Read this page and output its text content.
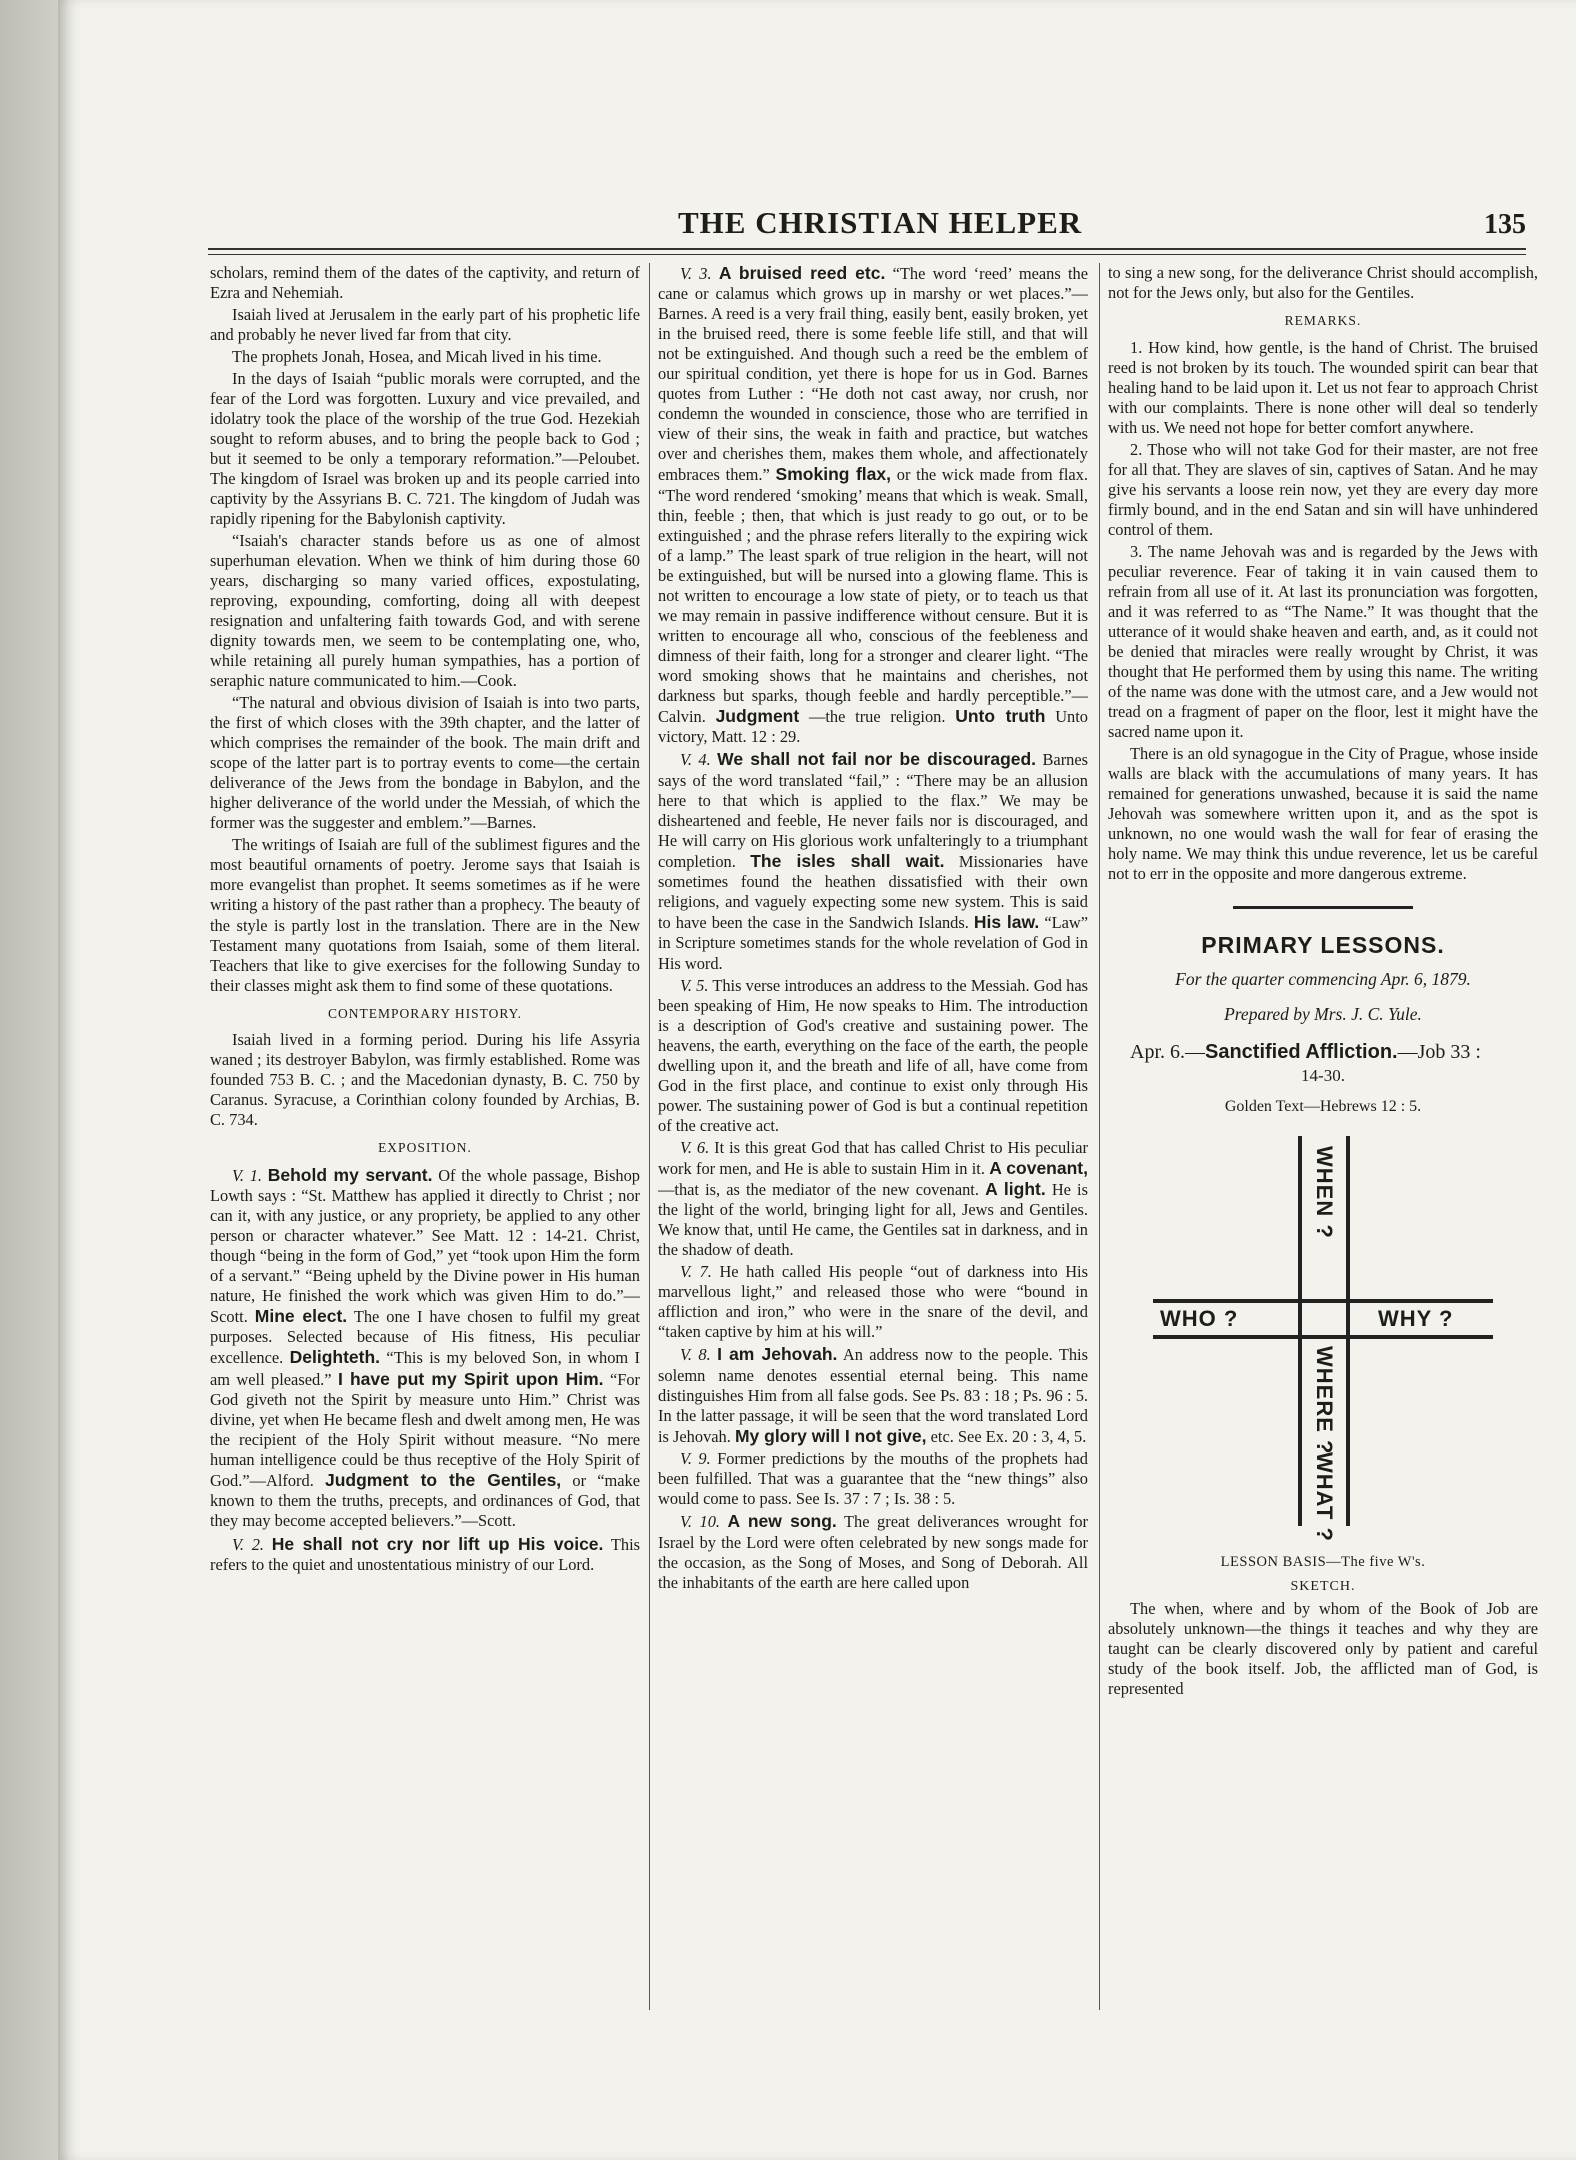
THE CHRISTIAN HELPER	135

scholars, remind them of the dates of the captivity, and return of Ezra and Nehemiah.

Isaiah lived at Jerusalem in the early part of his prophetic life and probably he never lived far from that city.

The prophets Jonah, Hosea, and Micah lived in his time.

In the days of Isaiah “public morals were corrupted, and the fear of the Lord was forgotten. Luxury and vice prevailed, and idolatry took the place of the worship of the true God. Hezekiah sought to reform abuses, and to bring the people back to God ; but it seemed to be only a temporary reformation.”—Peloubet. The kingdom of Israel was broken up and its people carried into captivity by the Assyrians B. C. 721. The kingdom of Judah was rapidly ripening for the Babylonish captivity.

“Isaiah's character stands before us as one of almost superhuman elevation. When we think of him during those 60 years, discharging so many varied offices, expostulating, reproving, expounding, comforting, doing all with deepest resignation and unfaltering faith towards God, and with serene dignity towards men, we seem to be contemplating one, who, while retaining all purely human sympathies, has a portion of seraphic nature communicated to him.—Cook.

“The natural and obvious division of Isaiah is into two parts, the first of which closes with the 39th chapter, and the latter of which comprises the remainder of the book. The main drift and scope of the latter part is to portray events to come—the certain deliverance of the Jews from the bondage in Babylon, and the higher deliverance of the world under the Messiah, of which the former was the suggester and emblem.”—Barnes.

The writings of Isaiah are full of the sublimest figures and the most beautiful ornaments of poetry. Jerome says that Isaiah is more evangelist than prophet. It seems sometimes as if he were writing a history of the past rather than a prophecy. The beauty of the style is partly lost in the translation. There are in the New Testament many quotations from Isaiah, some of them literal. Teachers that like to give exercises for the following Sunday to their classes might ask them to find some of these quotations.

CONTEMPORARY HISTORY.

Isaiah lived in a forming period. During his life Assyria waned ; its destroyer Babylon, was firmly established. Rome was founded 753 B. C. ; and the Macedonian dynasty, B. C. 750 by Caranus. Syracuse, a Corinthian colony founded by Archias, B. C. 734.

EXPOSITION.

V. 1. Behold my servant. Of the whole passage, Bishop Lowth says : “St. Matthew has applied it directly to Christ ; nor can it, with any justice, or any propriety, be applied to any other person or character whatever.” See Matt. 12 : 14-21. Christ, though “being in the form of God,” yet “took upon Him the form of a servant.” “Being upheld by the Divine power in His human nature, He finished the work which was given Him to do.”—Scott. Mine elect. The one I have chosen to fulfil my great purposes. Selected because of His fitness, His peculiar excellence. Delighteth. “This is my beloved Son, in whom I am well pleased.” I have put my Spirit upon Him. “For God giveth not the Spirit by measure unto Him.” Christ was divine, yet when He became flesh and dwelt among men, He was the recipient of the Holy Spirit without measure. “No mere human intelligence could be thus receptive of the Holy Spirit of God.”—Alford. Judgment to the Gentiles, or “make known to them the truths, precepts, and ordinances of God, that they may become accepted believers.”—Scott.

V. 2. He shall not cry nor lift up His voice. This refers to the quiet and unostentatious ministry of our Lord.

V. 3. A bruised reed etc. “The word ‘reed’ means the cane or calamus which grows up in marshy or wet places.”—Barnes. A reed is a very frail thing, easily bent, easily broken, yet in the bruised reed, there is some feeble life still, and that will not be extinguished. And though such a reed be the emblem of our spiritual condition, yet there is hope for us in God. Barnes quotes from Luther : “He doth not cast away, nor crush, nor condemn the wounded in conscience, those who are terrified in view of their sins, the weak in faith and practice, but watches over and cherishes them, makes them whole, and affectionately embraces them.” Smoking flax, or the wick made from flax. “The word rendered ‘smoking’ means that which is weak. Small, thin, feeble ; then, that which is just ready to go out, or to be extinguished ; and the phrase refers literally to the expiring wick of a lamp.” The least spark of true religion in the heart, will not be extinguished, but will be nursed into a glowing flame. This is not written to encourage a low state of piety, or to teach us that we may remain in passive indifference without censure. But it is written to encourage all who, conscious of the feebleness and dimness of their faith, long for a stronger and clearer light. “The word smoking shows that he maintains and cherishes, not darkness but sparks, though feeble and hardly perceptible.”—Calvin. Judgment —the true religion. Unto truth Unto victory, Matt. 12 : 29.

V. 4. We shall not fail nor be discouraged. Barnes says of the word translated “fail,” : “There may be an allusion here to that which is applied to the flax.” We may be disheartened and feeble, He never fails nor is discouraged, and He will carry on His glorious work unfalteringly to a triumphant completion. The isles shall wait. Missionaries have sometimes found the heathen dissatisfied with their own religions, and vaguely expecting some new system. This is said to have been the case in the Sandwich Islands. His law. “Law” in Scripture sometimes stands for the whole revelation of God in His word.

V. 5. This verse introduces an address to the Messiah. God has been speaking of Him, He now speaks to Him. The introduction is a description of God's creative and sustaining power. The heavens, the earth, everything on the face of the earth, the people dwelling upon it, and the breath and life of all, have come from God in the first place, and continue to exist only through His power. The sustaining power of God is but a continual repetition of the creative act.

V. 6. It is this great God that has called Christ to His peculiar work for men, and He is able to sustain Him in it. A covenant, —that is, as the mediator of the new covenant. A light. He is the light of the world, bringing light for all, Jews and Gentiles. We know that, until He came, the Gentiles sat in darkness, and in the shadow of death.

V. 7. He hath called His people “out of darkness into His marvellous light,” and released those who were “bound in affliction and iron,” who were in the snare of the devil, and “taken captive by him at his will.”

V. 8. I am Jehovah. An address now to the people. This solemn name denotes essential eternal being. This name distinguishes Him from all false gods. See Ps. 83 : 18 ; Ps. 96 : 5. In the latter passage, it will be seen that the word translated Lord is Jehovah. My glory will I not give, etc. See Ex. 20 : 3, 4, 5.

V. 9. Former predictions by the mouths of the prophets had been fulfilled. That was a guarantee that the “new things” also would come to pass. See Is. 37 : 7 ; Is. 38 : 5.

V. 10. A new song. The great deliverances wrought for Israel by the Lord were often celebrated by new songs made for the occasion, as the Song of Moses, and Song of Deborah. All the inhabitants of the earth are here called upon

to sing a new song, for the deliverance Christ should accomplish, not for the Jews only, but also for the Gentiles.

REMARKS.

1. How kind, how gentle, is the hand of Christ. The bruised reed is not broken by its touch. The wounded spirit can bear that healing hand to be laid upon it. Let us not fear to approach Christ with our complaints. There is none other will deal so tenderly with us. We need not hope for better comfort anywhere.

2. Those who will not take God for their master, are not free for all that. They are slaves of sin, captives of Satan. And he may give his servants a loose rein now, yet they are every day more firmly bound, and in the end Satan and sin will have unhindered control of them.

3. The name Jehovah was and is regarded by the Jews with peculiar reverence. Fear of taking it in vain caused them to refrain from all use of it. At last its pronunciation was forgotten, and it was referred to as “The Name.” It was thought that the utterance of it would shake heaven and earth, and, as it could not be denied that miracles were really wrought by Christ, it was thought that He performed them by using this name. The writing of the name was done with the utmost care, and a Jew would not tread on a fragment of paper on the floor, lest it might have the sacred name upon it.

There is an old synagogue in the City of Prague, whose inside walls are black with the accumulations of many years. It has remained for generations unwashed, because it is said the name Jehovah was somewhere written upon it, and as the spot is unknown, no one would wash the wall for fear of erasing the holy name. We may think this undue reverence, let us be careful not to err in the opposite and more dangerous extreme.

PRIMARY LESSONS.
For the quarter commencing Apr. 6, 1879.
Prepared by Mrs. J. C. Yule.

Apr. 6.—Sanctified Affliction.—Job 33 :

14-30.
Golden Text—Hebrews 12 : 5.
WHEN ?
WHO ?	WHY ?
WHERE ?
WHAT ?
LESSON BASIS—The five W's.
SKETCH.

The when, where and by whom of the Book of Job are absolutely unknown—the things it teaches and why they are taught can be clearly discovered only by patient and careful study of the book itself. Job, the afflicted man of God, is represented
